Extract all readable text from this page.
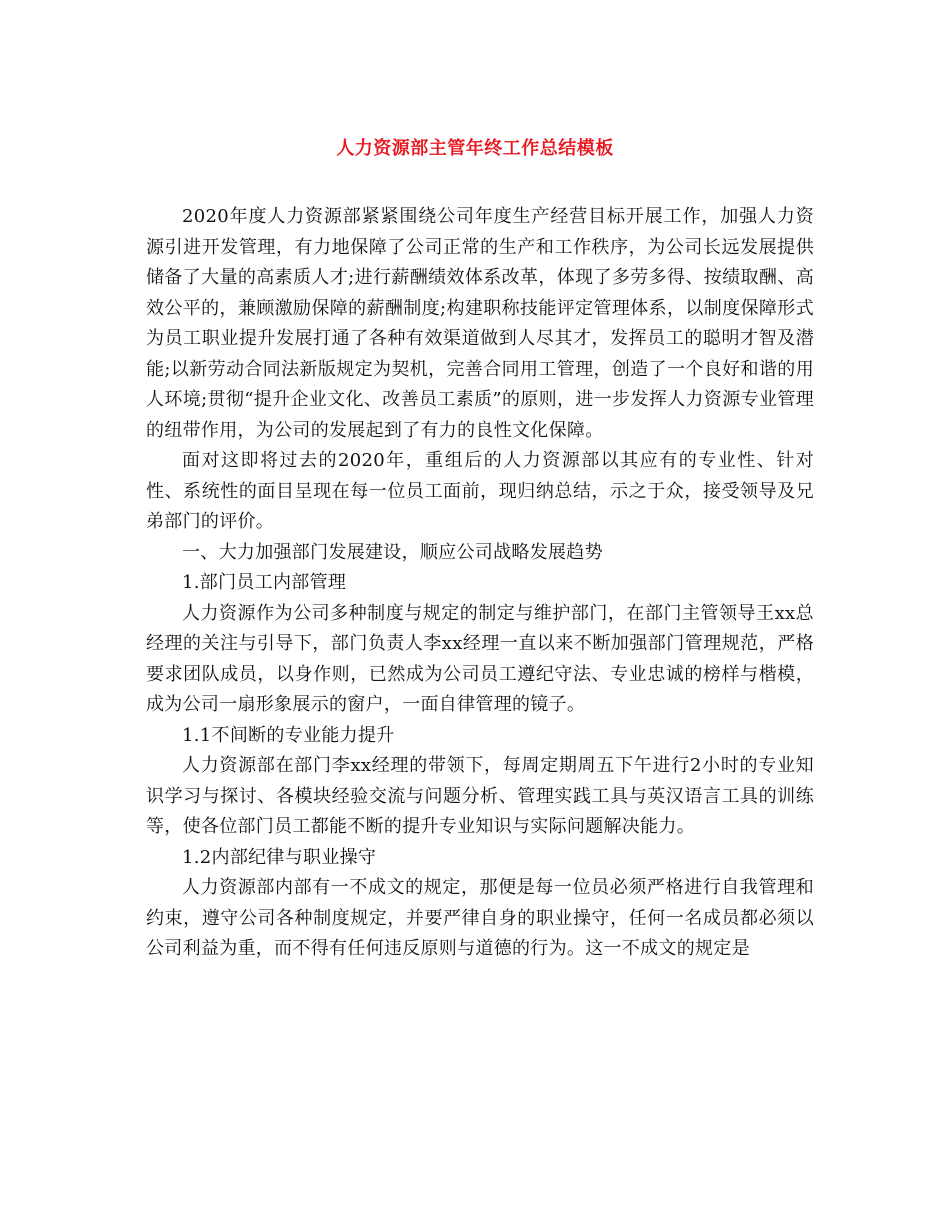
人力资源部主管年终工作总结模板

2020年度人力资源部紧紧围绕公司年度生产经营目标开展工作，加强人力资源引进开发管理，有力地保障了公司正常的生产和工作秩序，为公司长远发展提供储备了大量的高素质人才;进行薪酬绩效体系改革，体现了多劳多得、按绩取酬、高效公平的，兼顾激励保障的薪酬制度;构建职称技能评定管理体系，以制度保障形式为员工职业提升发展打通了各种有效渠道做到人尽其才，发挥员工的聪明才智及潜能;以新劳动合同法新版规定为契机，完善合同用工管理，创造了一个良好和谐的用人环境;贯彻“提升企业文化、改善员工素质”的原则，进一步发挥人力资源专业管理的纽带作用，为公司的发展起到了有力的良性文化保障。

面对这即将过去的2020年，重组后的人力资源部以其应有的专业性、针对性、系统性的面目呈现在每一位员工面前，现归纳总结，示之于众，接受领导及兄弟部门的评价。

一、大力加强部门发展建设，顺应公司战略发展趋势

1.部门员工内部管理

人力资源作为公司多种制度与规定的制定与维护部门，在部门主管领导王xx总经理的关注与引导下，部门负责人李xx经理一直以来不断加强部门管理规范，严格要求团队成员，以身作则，已然成为公司员工遵纪守法、专业忠诚的榜样与楷模，成为公司一扇形象展示的窗户，一面自律管理的镜子。

1.1不间断的专业能力提升

人力资源部在部门李xx经理的带领下，每周定期周五下午进行2小时的专业知识学习与探讨、各模块经验交流与问题分析、管理实践工具与英汉语言工具的训练等，使各位部门员工都能不断的提升专业知识与实际问题解决能力。

1.2内部纪律与职业操守

人力资源部内部有一不成文的规定，那便是每一位员必须严格进行自我管理和约束，遵守公司各种制度规定，并要严律自身的职业操守，任何一名成员都必须以公司利益为重，而不得有任何违反原则与道德的行为。这一不成文的规定是
